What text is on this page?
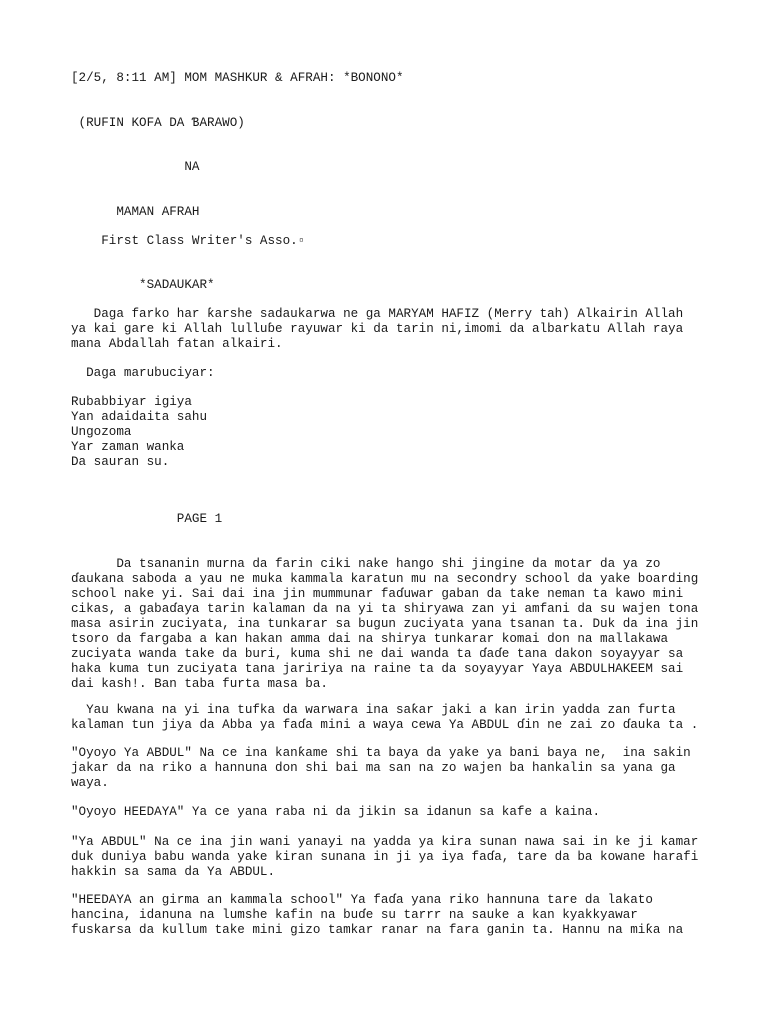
[2/5, 8:11 AM] MOM MASHKUR & AFRAH: *BONONO*

(RUFIN KOFA DA ƁARAWO)

NA

MAMAN AFRAH

First Class Writer's Asso.▫

*SADAUKAR*

Daga farko har ƙarshe sadaukarwa ne ga MARYAM HAFIZ (Merry tah) Alkairin Allah
ya kai gare ki Allah lulluɓe rayuwar ki da tarin ni,imomi da albarkatu Allah raya
mana Abdallah fatan alkairi.

Daga marubuciyar:

Rubabbiyar igiya
Yan adaidaita sahu
Ungozoma
Yar zaman wanka
Da sauran su.

PAGE 1

Da tsananin murna da farin ciki nake hango shi jingine da motar da ya zo
ɗaukana saboda a yau ne muka kammala karatun mu na secondry school da yake boarding
school nake yi. Sai dai ina jin mummunar faɗuwar gaban da take neman ta kawo mini
cikas, a gabaɗaya tarin kalaman da na yi ta shiryawa zan yi amfani da su wajen tona
masa asirin zuciyata, ina tunkarar sa bugun zuciyata yana tsanan ta. Duk da ina jin
tsoro da fargaba a kan hakan amma dai na shirya tunkarar komai don na mallakawa
zuciyata wanda take da buri, kuma shi ne dai wanda ta ɗaɗe tana dakon soyayyar sa
haka kuma tun zuciyata tana jaririya na raine ta da soyayyar Yaya ABDULHAKEEM sai
dai kash!. Ban taba furta masa ba.

Yau kwana na yi ina tufka da warwara ina saƙar jaki a kan irin yadda zan furta
kalaman tun jiya da Abba ya faɗa mini a waya cewa Ya ABDUL ɗin ne zai zo ɗauka ta .

"Oyoyo Ya ABDUL" Na ce ina kanƙame shi ta baya da yake ya bani baya ne,  ina sakin
jakar da na riko a hannuna don shi bai ma san na zo wajen ba hankalin sa yana ga
waya.

"Oyoyo HEEDAYA" Ya ce yana raba ni da jikin sa idanun sa kafe a kaina.

"Ya ABDUL" Na ce ina jin wani yanayi na yadda ya kira sunan nawa sai in ke ji kamar
duk duniya babu wanda yake kiran sunana in ji ya iya faɗa, tare da ba kowane harafi
hakkin sa sama da Ya ABDUL.

"HEEDAYA an girma an kammala school" Ya faɗa yana riko hannuna tare da lakato
hancina, idanuna na lumshe kafin na buɗe su tarrr na sauke a kan kyakkyawar
fuskarsa da kullum take mini gizo tamkar ranar na fara ganin ta. Hannu na miƙa na
